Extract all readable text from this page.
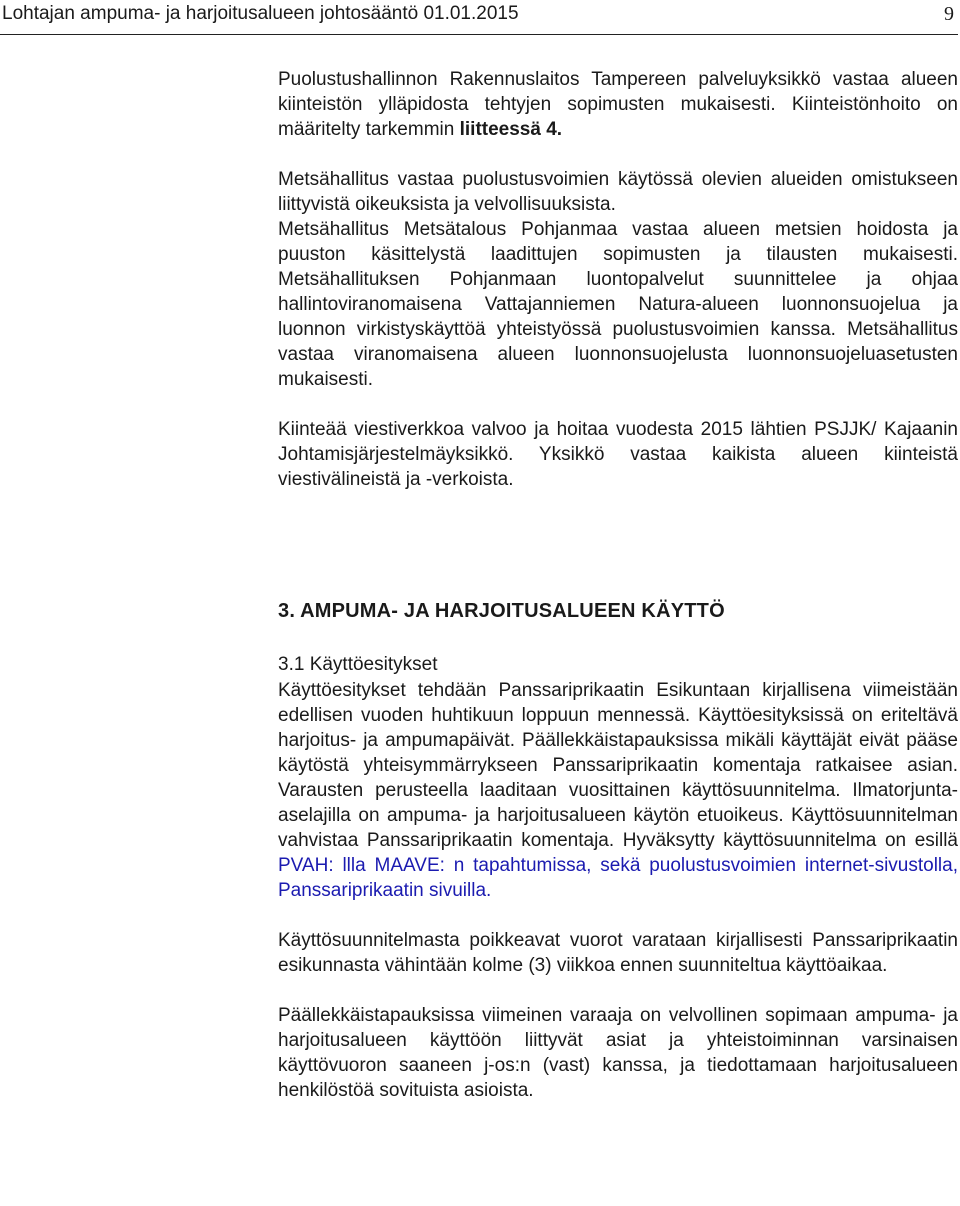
Lohtajan ampuma- ja harjoitusalueen johtosääntö 01.01.2015	9

Puolustushallinnon Rakennuslaitos Tampereen palveluyksikkö vastaa alueen kiinteistön ylläpidosta tehtyjen sopimusten mukaisesti. Kiinteistönhoito on määritelty tarkemmin liitteessä 4.

Metsähallitus vastaa puolustusvoimien käytössä olevien alueiden omistukseen liittyvistä oikeuksista ja velvollisuuksista.

Metsähallitus Metsätalous Pohjanmaa vastaa alueen metsien hoidosta ja puuston käsittelystä laadittujen sopimusten ja tilausten mukaisesti. Metsähallituksen Pohjanmaan luontopalvelut suunnittelee ja ohjaa hallintoviranomaisena Vattajanniemen Natura-alueen luonnonsuojelua ja luonnon virkistyskäyttöä yhteistyössä puolustusvoimien kanssa. Metsähallitus vastaa viranomaisena alueen luonnonsuojelusta luonnonsuojeluasetusten mukaisesti.

Kiinteää viestiverkkoa valvoo ja hoitaa vuodesta 2015 lähtien PSJJK/ Kajaanin Johtamisjärjestelmäyksikkö. Yksikkö vastaa kaikista alueen kiinteistä viestivälineistä ja -verkoista.

3. AMPUMA- JA HARJOITUSALUEEN KÄYTTÖ
3.1 Käyttöesitykset

Käyttöesitykset tehdään Panssariprikaatin Esikuntaan kirjallisena viimeistään edellisen vuoden huhtikuun loppuun mennessä. Käyttöesityksissä on eriteltävä harjoitus- ja ampumapäivät. Päällekkäistapauksissa mikäli käyttäjät eivät pääse käytöstä yhteisymmärrykseen Panssariprikaatin komentaja ratkaisee asian. Varausten perusteella laaditaan vuosittainen käyttösuunnitelma. Ilmatorjunta-aselajilla on ampuma- ja harjoitusalueen käytön etuoikeus. Käyttösuunnitelman vahvistaa Panssariprikaatin komentaja. Hyväksytty käyttösuunnitelma on esillä PVAH: llla MAAVE: n tapahtumissa, sekä puolustusvoimien internet-sivustolla, Panssariprikaatin sivuilla.

Käyttösuunnitelmasta poikkeavat vuorot varataan kirjallisesti Panssariprikaatin esikunnasta vähintään kolme (3) viikkoa ennen suunniteltua käyttöaikaa.

Päällekkäistapauksissa viimeinen varaaja on velvollinen sopimaan ampuma- ja harjoitusalueen käyttöön liittyvät asiat ja yhteistoiminnan varsinaisen käyttövuoron saaneen j-os:n (vast) kanssa, ja tiedottamaan harjoitusalueen henkilöstöä sovituista asioista.
